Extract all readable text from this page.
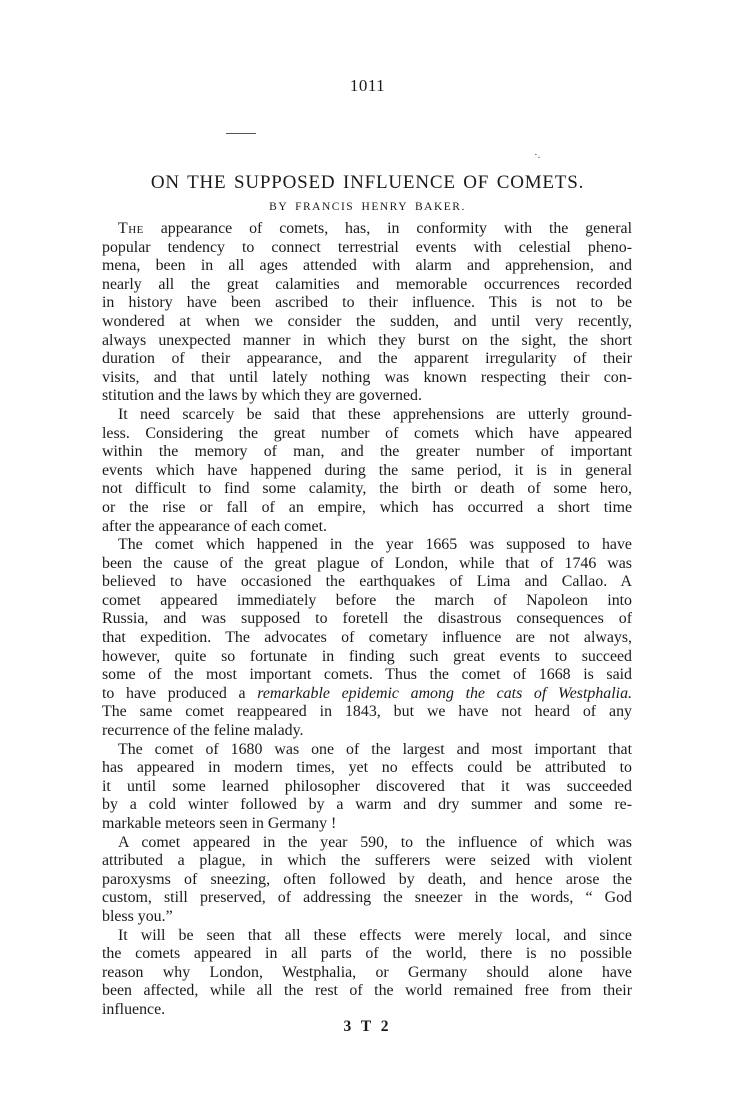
1011
·.
ON THE SUPPOSED INFLUENCE OF COMETS.
BY FRANCIS HENRY BAKER.
The appearance of comets, has, in conformity with the general
popular tendency to connect terrestrial events with celestial pheno-
mena, been in all ages attended with alarm and apprehension, and
nearly all the great calamities and memorable occurrences recorded
in history have been ascribed to their influence. This is not to be
wondered at when we consider the sudden, and until very recently,
always unexpected manner in which they burst on the sight, the short
duration of their appearance, and the apparent irregularity of their
visits, and that until lately nothing was known respecting their con-
stitution and the laws by which they are governed.
It need scarcely be said that these apprehensions are utterly ground-
less. Considering the great number of comets which have appeared
within the memory of man, and the greater number of important
events which have happened during the same period, it is in general
not difficult to find some calamity, the birth or death of some hero,
or the rise or fall of an empire, which has occurred a short time
after the appearance of each comet.
The comet which happened in the year 1665 was supposed to have
been the cause of the great plague of London, while that of 1746 was
believed to have occasioned the earthquakes of Lima and Callao. A
comet appeared immediately before the march of Napoleon into
Russia, and was supposed to foretell the disastrous consequences of
that expedition. The advocates of cometary influence are not always,
however, quite so fortunate in finding such great events to succeed
some of the most important comets. Thus the comet of 1668 is said
to have produced a remarkable epidemic among the cats of Westphalia.
The same comet reappeared in 1843, but we have not heard of any
recurrence of the feline malady.
The comet of 1680 was one of the largest and most important that
has appeared in modern times, yet no effects could be attributed to
it until some learned philosopher discovered that it was succeeded
by a cold winter followed by a warm and dry summer and some re-
markable meteors seen in Germany !
A comet appeared in the year 590, to the influence of which was
attributed a plague, in which the sufferers were seized with violent
paroxysms of sneezing, often followed by death, and hence arose the
custom, still preserved, of addressing the sneezer in the words, “ God
bless you.”
It will be seen that all these effects were merely local, and since
the comets appeared in all parts of the world, there is no possible
reason why London, Westphalia, or Germany should alone have
been affected, while all the rest of the world remained free from their
influence.
3 T 2
